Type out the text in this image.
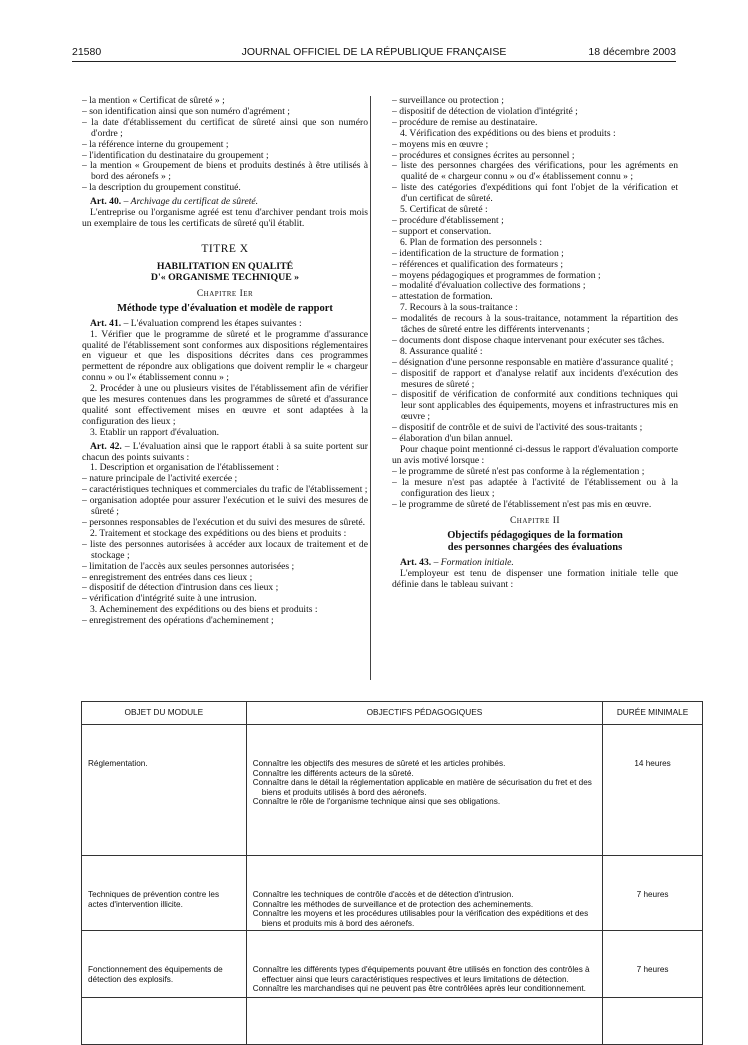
21580	JOURNAL OFFICIEL DE LA RÉPUBLIQUE FRANÇAISE	18 décembre 2003

– la mention « Certificat de sûreté » ;

– son identification ainsi que son numéro d'agrément ;

– la date d'établissement du certificat de sûreté ainsi que son numéro d'ordre ;

– la référence interne du groupement ;

– l'identification du destinataire du groupement ;

– la mention « Groupement de biens et produits destinés à être utilisés à bord des aéronefs » ;

– la description du groupement constitué.

Art. 40. – Archivage du certificat de sûreté.

L'entreprise ou l'organisme agréé est tenu d'archiver pendant trois mois un exemplaire de tous les certificats de sûreté qu'il établit.

TITRE X
HABILITATION EN QUALITÉ
D'« ORGANISME TECHNIQUE »
Chapitre Ier
Méthode type d'évaluation et modèle de rapport

Art. 41. – L'évaluation comprend les étapes suivantes :

1. Vérifier que le programme de sûreté et le programme d'assurance qualité de l'établissement sont conformes aux dispositions réglementaires en vigueur et que les dispositions décrites dans ces programmes permettent de répondre aux obligations que doivent remplir le « chargeur connu » ou l'« établissement connu » ;

2. Procéder à une ou plusieurs visites de l'établissement afin de vérifier que les mesures contenues dans les programmes de sûreté et d'assurance qualité sont effectivement mises en œuvre et sont adaptées à la configuration des lieux ;

3. Etablir un rapport d'évaluation.

Art. 42. – L'évaluation ainsi que le rapport établi à sa suite portent sur chacun des points suivants :

1. Description et organisation de l'établissement :

– nature principale de l'activité exercée ;

– caractéristiques techniques et commerciales du trafic de l'établissement ;

– organisation adoptée pour assurer l'exécution et le suivi des mesures de sûreté ;

– personnes responsables de l'exécution et du suivi des mesures de sûreté.

2. Traitement et stockage des expéditions ou des biens et produits :

– liste des personnes autorisées à accéder aux locaux de traitement et de stockage ;

– limitation de l'accès aux seules personnes autorisées ;

– enregistrement des entrées dans ces lieux ;

– dispositif de détection d'intrusion dans ces lieux ;

– vérification d'intégrité suite à une intrusion.

3. Acheminement des expéditions ou des biens et produits :

– enregistrement des opérations d'acheminement ;

– surveillance ou protection ;

– dispositif de détection de violation d'intégrité ;

– procédure de remise au destinataire.

4. Vérification des expéditions ou des biens et produits :

– moyens mis en œuvre ;

– procédures et consignes écrites au personnel ;

– liste des personnes chargées des vérifications, pour les agréments en qualité de « chargeur connu » ou d'« établissement connu » ;

– liste des catégories d'expéditions qui font l'objet de la vérification et d'un certificat de sûreté.

5. Certificat de sûreté :

– procédure d'établissement ;

– support et conservation.

6. Plan de formation des personnels :

– identification de la structure de formation ;

– références et qualification des formateurs ;

– moyens pédagogiques et programmes de formation ;

– modalité d'évaluation collective des formations ;

– attestation de formation.

7. Recours à la sous-traitance :

– modalités de recours à la sous-traitance, notamment la répartition des tâches de sûreté entre les différents intervenants ;

– documents dont dispose chaque intervenant pour exécuter ses tâches.

8. Assurance qualité :

– désignation d'une personne responsable en matière d'assurance qualité ;

– dispositif de rapport et d'analyse relatif aux incidents d'exécution des mesures de sûreté ;

– dispositif de vérification de conformité aux conditions techniques qui leur sont applicables des équipements, moyens et infrastructures mis en œuvre ;

– dispositif de contrôle et de suivi de l'activité des sous-traitants ;

– élaboration d'un bilan annuel.

Pour chaque point mentionné ci-dessus le rapport d'évaluation comporte un avis motivé lorsque :

– le programme de sûreté n'est pas conforme à la réglementation ;

– la mesure n'est pas adaptée à l'activité de l'établissement ou à la configuration des lieux ;

– le programme de sûreté de l'établissement n'est pas mis en œuvre.

Chapitre II
Objectifs pédagogiques de la formation
des personnes chargées des évaluations

Art. 43. – Formation initiale.

L'employeur est tenu de dispenser une formation initiale telle que définie dans le tableau suivant :

OBJET DU MODULE	OBJECTIFS PÉDAGOGIQUES	DURÉE MINIMALE
Réglementation.	Connaître les objectifs des mesures de sûreté et les articles prohibés.

Connaître les différents acteurs de la sûreté.

Connaître dans le détail la réglementation applicable en matière de sécurisation du fret et des biens et produits utilisés à bord des aéronefs.

Connaître le rôle de l'organisme technique ainsi que ses obligations.	14 heures
Techniques de prévention contre les actes d'intervention illicite.	Connaître les techniques de contrôle d'accès et de détection d'intrusion.

Connaître les méthodes de surveillance et de protection des acheminements.

Connaître les moyens et les procédures utilisables pour la vérification des expéditions et des biens et produits mis à bord des aéronefs.	7 heures
Fonctionnement des équipements de détection des explosifs.	Connaître les différents types d'équipements pouvant être utilisés en fonction des contrôles à effectuer ainsi que leurs caractéristiques respectives et leurs limitations de détection.

Connaître les marchandises qui ne peuvent pas être contrôlées après leur conditionnement.	7 heures
